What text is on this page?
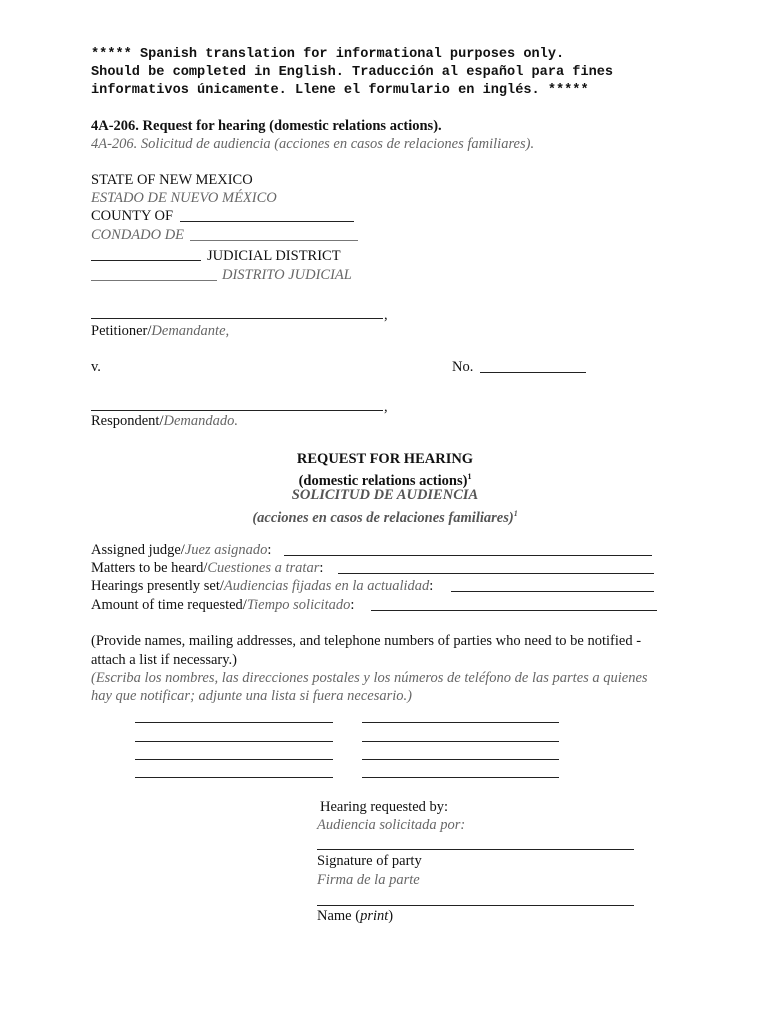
***** Spanish translation for informational purposes only.
Should be completed in English. Traducción al español para fines
informativos únicamente. Llene el formulario en inglés. *****
4A-206. Request for hearing (domestic relations actions).
4A-206. Solicitud de audiencia (acciones en casos de relaciones familiares).
STATE OF NEW MEXICO
ESTADO DE NUEVO MÉXICO
COUNTY OF
CONDADO DE
JUDICIAL DISTRICT
DISTRITO JUDICIAL
,
Petitioner/Demandante,
v.	No.
,
Respondent/Demandado.
REQUEST FOR HEARING
(domestic relations actions)$^1$
SOLICITUD DE AUDIENCIA
(acciones en casos de relaciones familiares)$^1$
Assigned judge/Juez asignado:
Matters to be heard/Cuestiones a tratar:
Hearings presently set/Audiencias fijadas en la actualidad:
Amount of time requested/Tiempo solicitado:
(Provide names, mailing addresses, and telephone numbers of parties who need to be notified -
attach a list if necessary.)
(Escriba los nombres, las direcciones postales y los números de teléfono de las partes a quienes
hay que notificar; adjunte una lista si fuera necesario.)
Hearing requested by:
Audiencia solicitada por:
Signature of party
Firma de la parte
Name (print)
